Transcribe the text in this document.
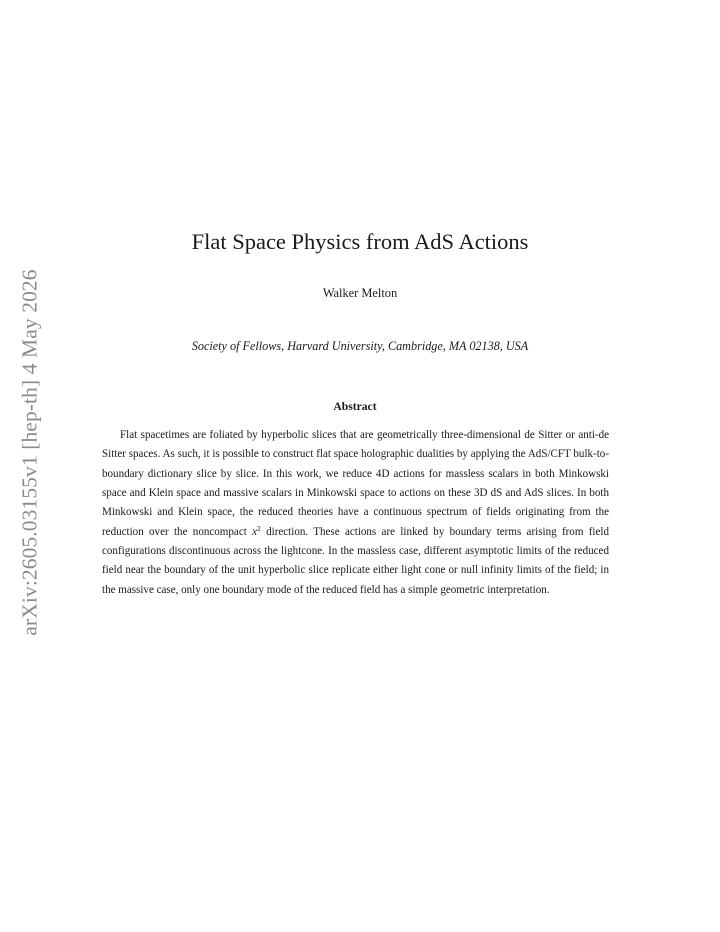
arXiv:2605.03155v1 [hep-th] 4 May 2026
Flat Space Physics from AdS Actions
Walker Melton
Society of Fellows, Harvard University, Cambridge, MA 02138, USA
Abstract

Flat spacetimes are foliated by hyperbolic slices that are geometrically three-dimensional de Sitter or anti-de Sitter spaces. As such, it is possible to construct flat space holographic dualities by applying the AdS/CFT bulk-to-boundary dictionary slice by slice. In this work, we reduce 4D actions for massless scalars in both Minkowski space and Klein space and massive scalars in Minkowski space to actions on these 3D dS and AdS slices. In both Minkowski and Klein space, the reduced theories have a continuous spectrum of fields originating from the reduction over the noncompact $x^2$ direction. These actions are linked by boundary terms arising from field configurations discontinuous across the lightcone. In the massless case, different asymptotic limits of the reduced field near the boundary of the unit hyperbolic slice replicate either light cone or null infinity limits of the field; in the massive case, only one boundary mode of the reduced field has a simple geometric interpretation.
